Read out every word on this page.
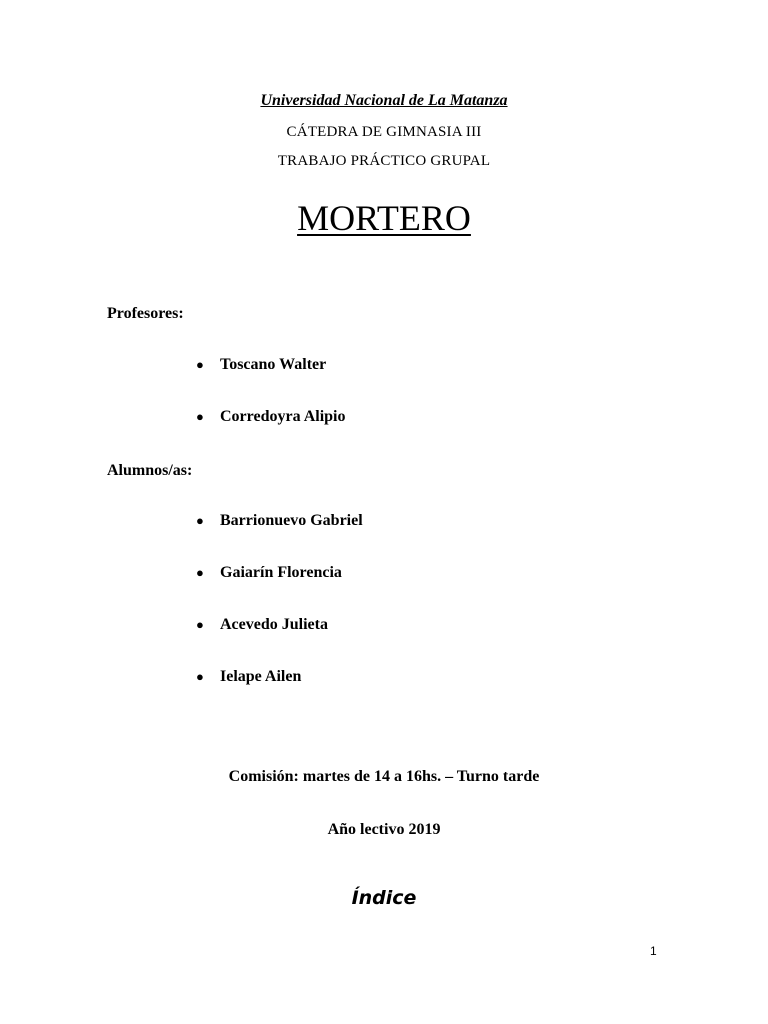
Universidad Nacional de La Matanza
CÁTEDRA DE GIMNASIA III
TRABAJO PRÁCTICO GRUPAL
MORTERO
Profesores:
●	Toscano Walter
●	Corredoyra Alipio
Alumnos/as:
●	Barrionuevo Gabriel
●	Gaiarín Florencia
●	Acevedo Julieta
●	Ielape Ailen
Comisión: martes de 14 a 16hs. – Turno tarde
Año lectivo 2019
Índice
1
